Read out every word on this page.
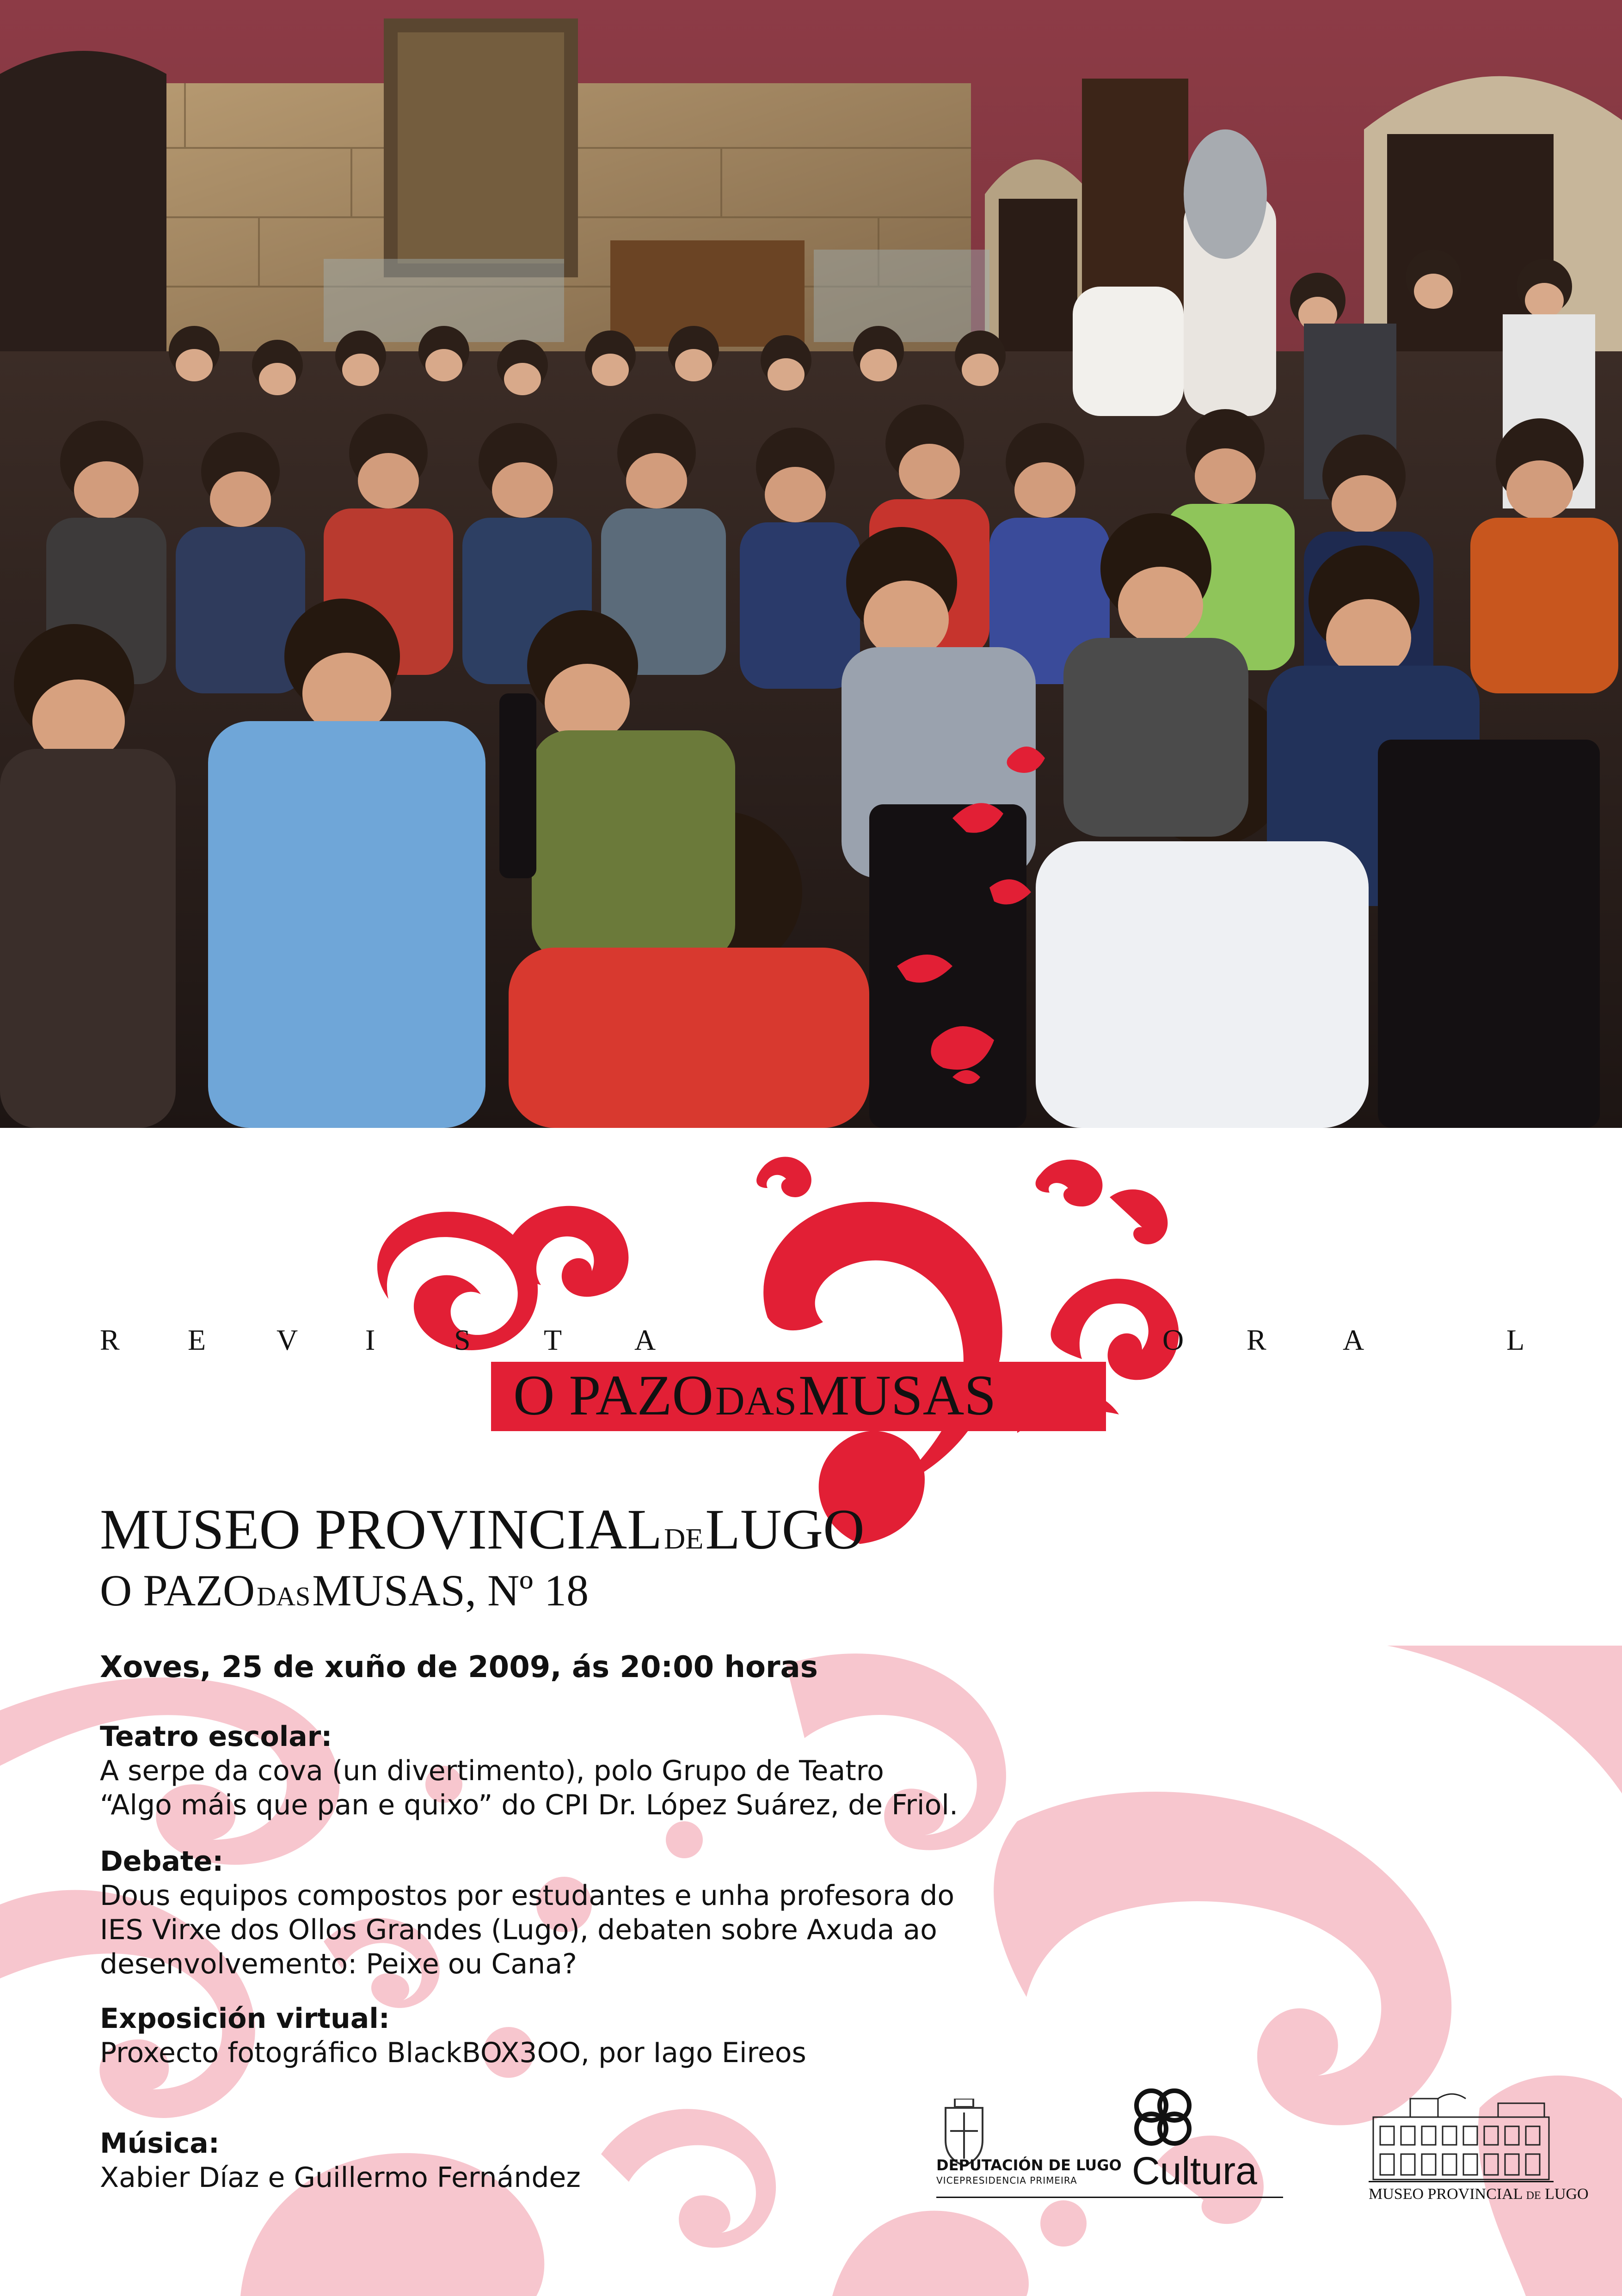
R E V I	S T A	O R	A	L
O PAZO DAS MUSAS
MUSEO PROVINCIAL DE LUGO
O PAZO DAS MUSAS, Nº 18
Xoves, 25 de xuño de 2009, ás 20:00 horas
Teatro escolar:
A serpe da cova (un divertimento), polo Grupo de Teatro
“Algo máis que pan e quixo” do CPI Dr. López Suárez, de Friol.
Debate:
Dous equipos compostos por estudantes e unha profesora do
IES Virxe dos Ollos Grandes (Lugo), debaten sobre Axuda ao
desenvolvemento: Peixe ou Cana?
Exposición virtual:
Proxecto fotográfico BlackBOX3OO, por Iago Eireos
Música:
Xabier Díaz e Guillermo Fernández	DEPUTACIÓN DE LUGO
VICEPRESIDENCIA PRIMEIRA Cultura
MUSEO PROVINCIAL DE LUGO
